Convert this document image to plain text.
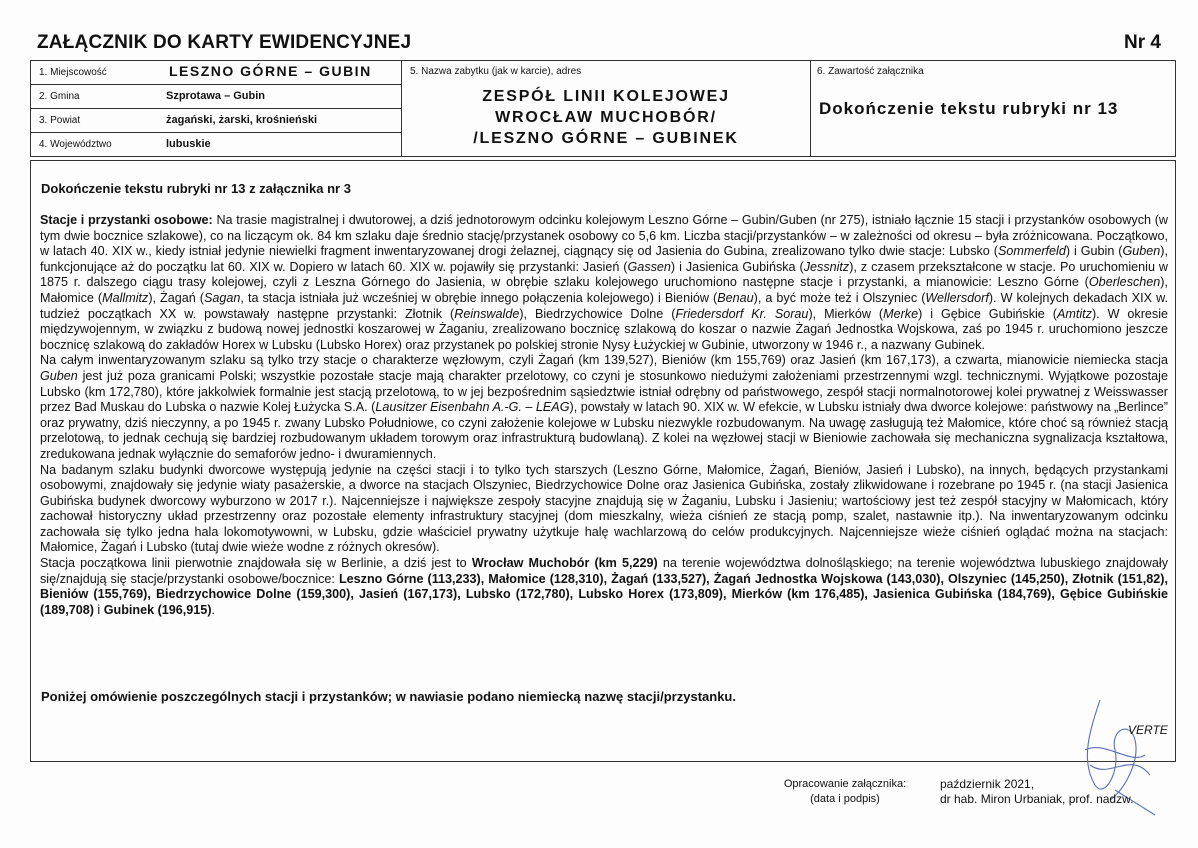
ZAŁĄCZNIK DO KARTY EWIDENCYJNEJ	Nr 4
1. Miejscowość	LESZNO GÓRNE – GUBIN
2. Gmina	Szprotawa – Gubin
3. Powiat	żagański, żarski, krośnieński
4. Województwo	lubuskie
5. Nazwa zabytku (jak w karcie), adres
ZESPÓŁ LINII KOLEJOWEJ
WROCŁAW MUCHOBÓR/
/LESZNO GÓRNE – GUBINEK
6. Zawartość załącznika
Dokończenie tekstu rubryki nr 13
Dokończenie tekstu rubryki nr 13 z załącznika nr 3

Stacje i przystanki osobowe: Na trasie magistralnej i dwutorowej, a dziś jednotorowym odcinku kolejowym Leszno Górne – Gubin/Guben (nr 275), istniało łącznie 15 stacji i przystanków osobowych (w tym dwie bocznice szlakowe), co na liczącym ok. 84 km szlaku daje średnio stację/przystanek osobowy co 5,6 km. Liczba stacji/przystanków – w zależności od okresu – była zróżnicowana. Początkowo, w latach 40. XIX w., kiedy istniał jedynie niewielki fragment inwentaryzowanej drogi żelaznej, ciągnący się od Jasienia do Gubina, zrealizowano tylko dwie stacje: Lubsko (Sommerfeld) i Gubin (Guben), funkcjonujące aż do początku lat 60. XIX w. Dopiero w latach 60. XIX w. pojawiły się przystanki: Jasień (Gassen) i Jasienica Gubińska (Jessnitz), z czasem przekształcone w stacje. Po uruchomieniu w 1875 r. dalszego ciągu trasy kolejowej, czyli z Leszna Górnego do Jasienia, w obrębie szlaku kolejowego uruchomiono następne stacje i przystanki, a mianowicie: Leszno Górne (Oberleschen), Małomice (Mallmitz), Żagań (Sagan, ta stacja istniała już wcześniej w obrębie innego połączenia kolejowego) i Bieniów (Benau), a być może też i Olszyniec (Wellersdorf). W kolejnych dekadach XIX w. tudzież początkach XX w. powstawały następne przystanki: Złotnik (Reinswalde), Biedrzychowice Dolne (Friedersdorf Kr. Sorau), Mierków (Merke) i Gębice Gubińskie (Amtitz). W okresie międzywojennym, w związku z budową nowej jednostki koszarowej w Żaganiu, zrealizowano bocznicę szlakową do koszar o nazwie Żagań Jednostka Wojskowa, zaś po 1945 r. uruchomiono jeszcze bocznicę szlakową do zakładów Horex w Lubsku (Lubsko Horex) oraz przystanek po polskiej stronie Nysy Łużyckiej w Gubinie, utworzony w 1946 r., a nazwany Gubinek.

Na całym inwentaryzowanym szlaku są tylko trzy stacje o charakterze węzłowym, czyli Żagań (km 139,527), Bieniów (km 155,769) oraz Jasień (km 167,173), a czwarta, mianowicie niemiecka stacja Guben jest już poza granicami Polski; wszystkie pozostałe stacje mają charakter przelotowy, co czyni je stosunkowo niedużymi założeniami przestrzennymi wzgl. technicznymi. Wyjątkowe pozostaje Lubsko (km 172,780), które jakkolwiek formalnie jest stacją przelotową, to w jej bezpośrednim sąsiedztwie istniał odrębny od państwowego, zespół stacji normalnotorowej kolei prywatnej z Weisswasser przez Bad Muskau do Lubska o nazwie Kolej Łużycka S.A. (Lausitzer Eisenbahn A.-G. – LEAG), powstały w latach 90. XIX w. W efekcie, w Lubsku istniały dwa dworce kolejowe: państwowy na „Berlince” oraz prywatny, dziś nieczynny, a po 1945 r. zwany Lubsko Południowe, co czyni założenie kolejowe w Lubsku niezwykle rozbudowanym. Na uwagę zasługują też Małomice, które choć są również stacją przelotową, to jednak cechują się bardziej rozbudowanym układem torowym oraz infrastrukturą budowlaną). Z kolei na węzłowej stacji w Bieniowie zachowała się mechaniczna sygnalizacja kształtowa, zredukowana jednak wyłącznie do semaforów jedno- i dwuramiennych.

Na badanym szlaku budynki dworcowe występują jedynie na części stacji i to tylko tych starszych (Leszno Górne, Małomice, Żagań, Bieniów, Jasień i Lubsko), na innych, będących przystankami osobowymi, znajdowały się jedynie wiaty pasażerskie, a dworce na stacjach Olszyniec, Biedrzychowice Dolne oraz Jasienica Gubińska, zostały zlikwidowane i rozebrane po 1945 r. (na stacji Jasienica Gubińska budynek dworcowy wyburzono w 2017 r.). Najcenniejsze i największe zespoły stacyjne znajdują się w Żaganiu, Lubsku i Jasieniu; wartościowy jest też zespół stacyjny w Małomicach, który zachował historyczny układ przestrzenny oraz pozostałe elementy infrastruktury stacyjnej (dom mieszkalny, wieża ciśnień ze stacją pomp, szalet, nastawnie itp.). Na inwentaryzowanym odcinku zachowała się tylko jedna hala lokomotywowni, w Lubsku, gdzie właściciel prywatny użytkuje halę wachlarzową do celów produkcyjnych. Najcenniejsze wieże ciśnień oglądać można na stacjach: Małomice, Żagań i Lubsko (tutaj dwie wieże wodne z różnych okresów).

Stacja początkowa linii pierwotnie znajdowała się w Berlinie, a dziś jest to Wrocław Muchobór (km 5,229) na terenie województwa dolnośląskiego; na terenie województwa lubuskiego znajdowały się/znajdują się stacje/przystanki osobowe/bocznice: Leszno Górne (113,233), Małomice (128,310), Żagań (133,527), Żagań Jednostka Wojskowa (143,030), Olszyniec (145,250), Złotnik (151,82), Bieniów (155,769), Biedrzychowice Dolne (159,300), Jasień (167,173), Lubsko (172,780), Lubsko Horex (173,809), Mierków (km 176,485), Jasienica Gubińska (184,769), Gębice Gubińskie (189,708) i Gubinek (196,915).

Poniżej omówienie poszczególnych stacji i przystanków; w nawiasie podano niemiecką nazwę stacji/przystanku.
VERTE
Opracowanie załącznika:
(data i podpis)
październik 2021,
dr hab. Miron Urbaniak, prof. nadzw.
